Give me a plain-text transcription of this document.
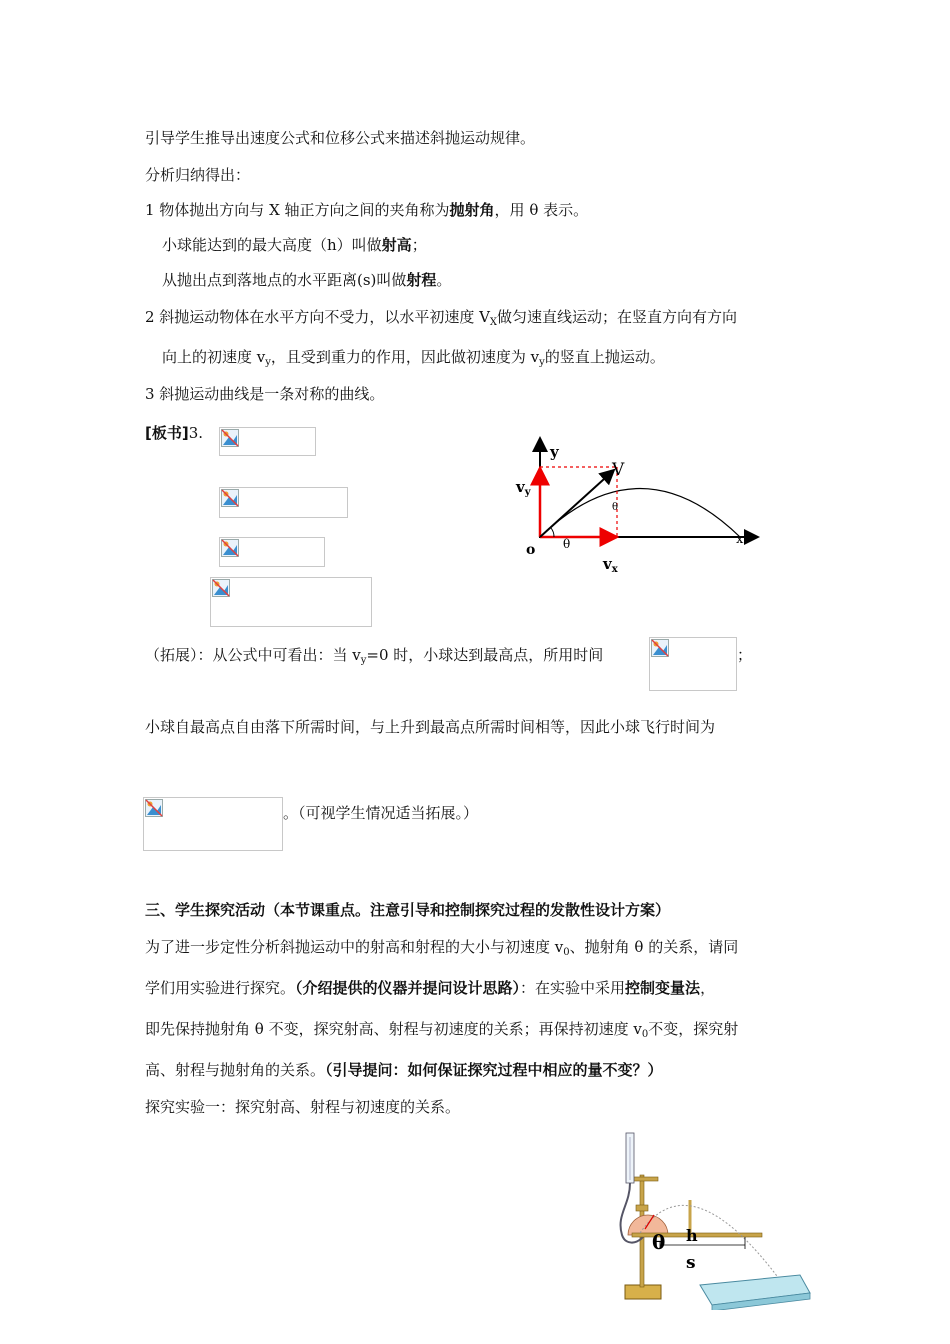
引导学生推导出速度公式和位移公式来描述斜抛运动规律。
分析归纳得出：
1 物体抛出方向与 X 轴正方向之间的夹角称为抛射角，用 θ 表示。
小球能达到的最大高度（h）叫做射高；
从抛出点到落地点的水平距离(s)叫做射程。
2 斜抛运动物体在水平方向不受力，以水平初速度 $V_X$做匀速直线运动；在竖直方向有方向
向上的初速度 $v_y$，且受到重力的作用，因此做初速度为 $v_y$的竖直上抛运动。
3 斜抛运动曲线是一条对称的曲线。
[板书]3.
y
V
$v_y$
o θ
θ
x
$v_x$
（拓展）：从公式中可看出：当 $v_y=0$ 时，小球达到最高点，所用时间	；
小球自最高点自由落下所需时间，与上升到最高点所需时间相等，因此小球飞行时间为
。（可视学生情况适当拓展。）
三、学生探究活动（本节课重点。注意引导和控制探究过程的发散性设计方案）
为了进一步定性分析斜抛运动中的射高和射程的大小与初速度 $v_0$、抛射角 θ 的关系，请同
学们用实验进行探究。（介绍提供的仪器并提问设计思路）：在实验中采用控制变量法，
即先保持抛射角 θ 不变，探究射高、射程与初速度的关系；再保持初速度 $v_0$不变，探究射
高、射程与抛射角的关系。（引导提问：如何保证探究过程中相应的量不变？）
探究实验一：探究射高、射程与初速度的关系。
θ h
s
